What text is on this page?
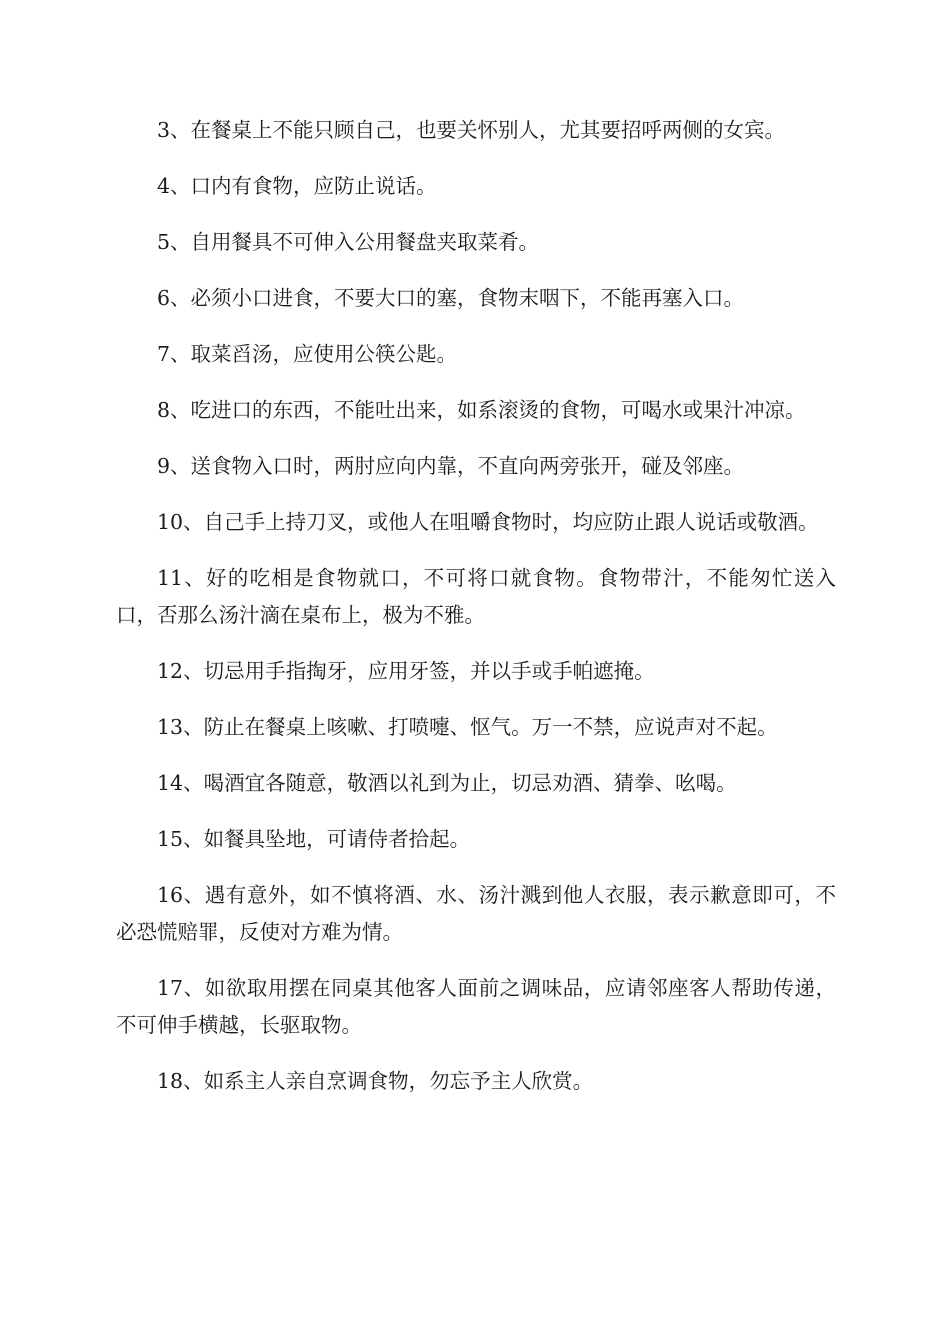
3、在餐桌上不能只顾自己，也要关怀别人，尤其要招呼两侧的女宾。

4、口内有食物，应防止说话。

5、自用餐具不可伸入公用餐盘夹取菜肴。

6、必须小口进食，不要大口的塞，食物末咽下，不能再塞入口。

7、取菜舀汤，应使用公筷公匙。

8、吃进口的东西，不能吐出来，如系滚烫的食物，可喝水或果汁冲凉。

9、送食物入口时，两肘应向内靠，不直向两旁张开，碰及邻座。

10、自己手上持刀叉，或他人在咀嚼食物时，均应防止跟人说话或敬酒。

11、好的吃相是食物就口，不可将口就食物。食物带汁，不能匆忙送入口，否那么汤汁滴在桌布上，极为不雅。

12、切忌用手指掏牙，应用牙签，并以手或手帕遮掩。

13、防止在餐桌上咳嗽、打喷嚏、怄气。万一不禁，应说声对不起。

14、喝酒宜各随意，敬酒以礼到为止，切忌劝酒、猜拳、吆喝。

15、如餐具坠地，可请侍者拾起。

16、遇有意外，如不慎将酒、水、汤汁溅到他人衣服，表示歉意即可，不必恐慌赔罪，反使对方难为情。

17、如欲取用摆在同桌其他客人面前之调味品，应请邻座客人帮助传递，不可伸手横越，长驱取物。

18、如系主人亲自烹调食物，勿忘予主人欣赏。
